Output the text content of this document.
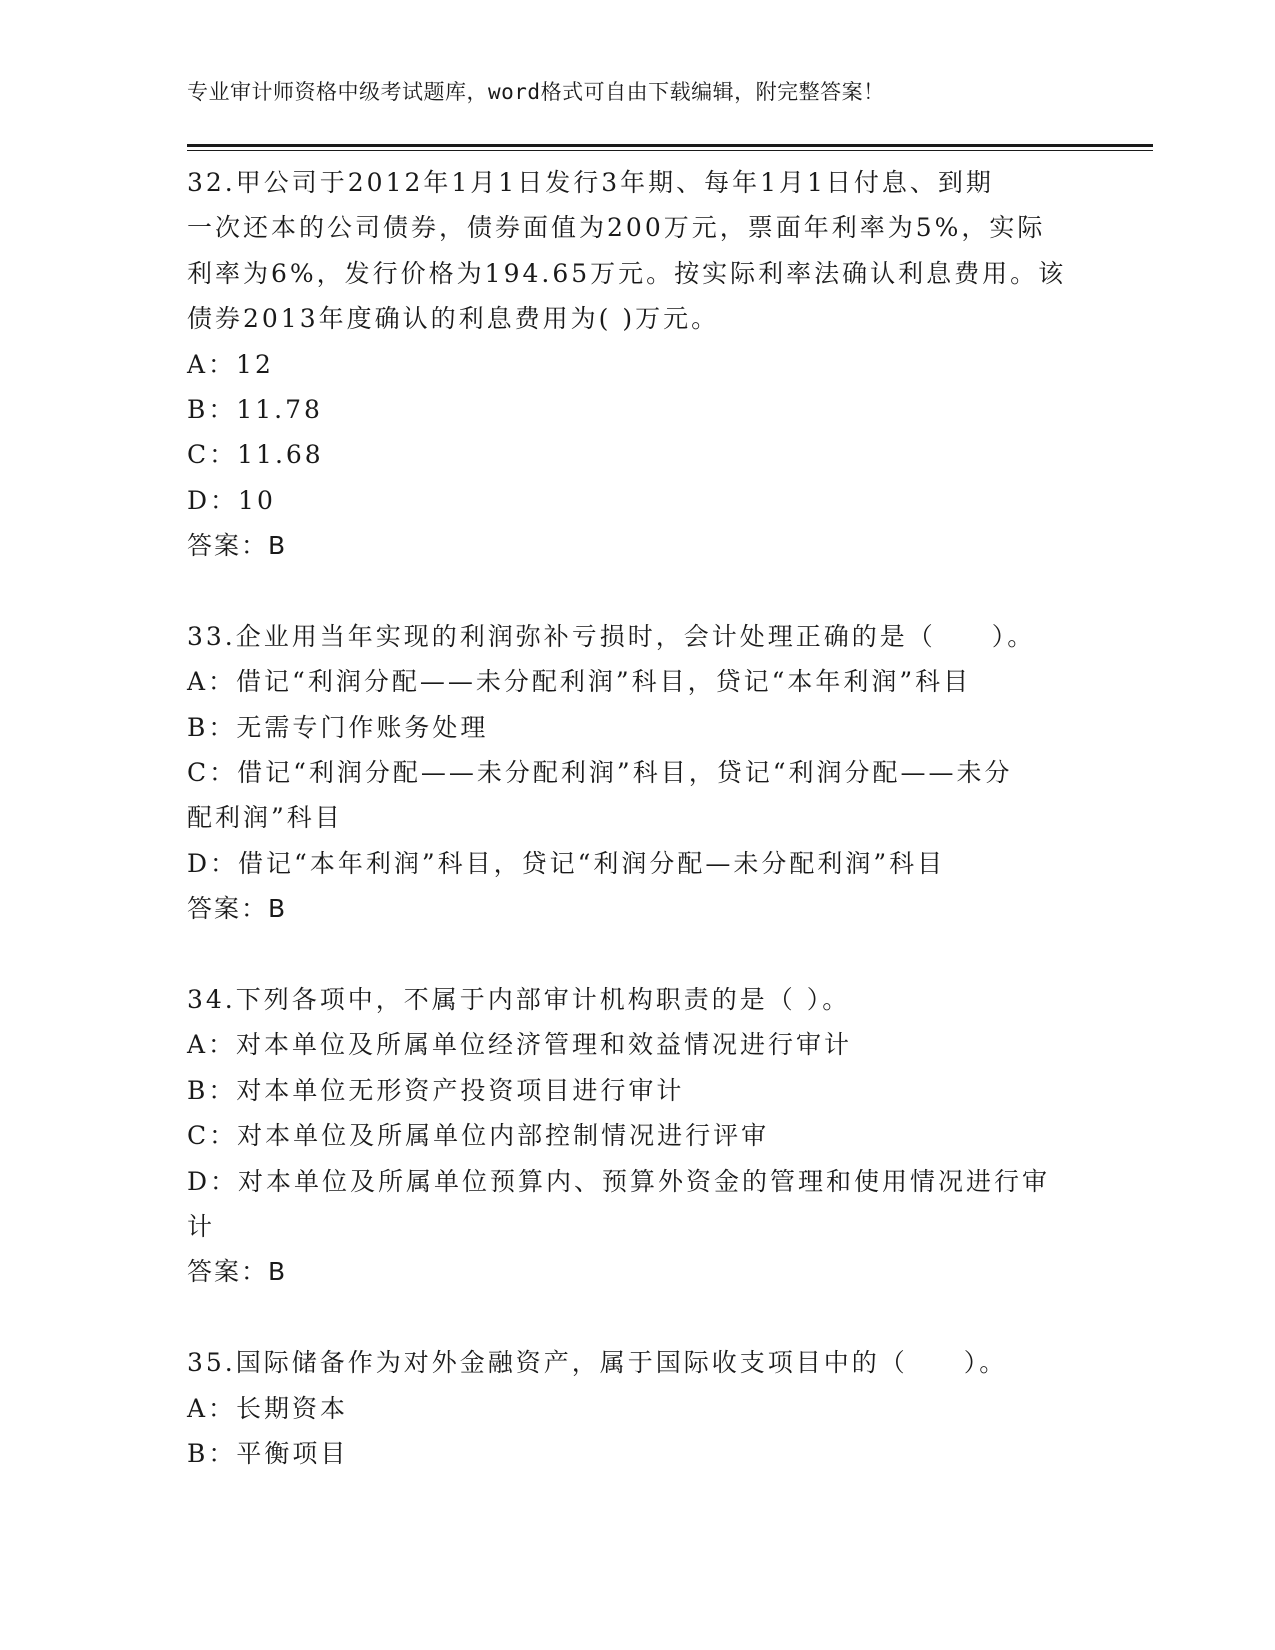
专业审计师资格中级考试题库，word格式可自由下载编辑，附完整答案！
32.甲公司于2012年1月1日发行3年期、每年1月1日付息、到期
一次还本的公司债券，债券面值为200万元，票面年利率为5%，实际
利率为6%，发行价格为194.65万元。按实际利率法确认利息费用。该
债券2013年度确认的利息费用为( )万元。
A：12
B：11.78
C：11.68
D：10
答案：B
33.企业用当年实现的利润弥补亏损时，会计处理正确的是（　　）。
A：借记“利润分配——未分配利润”科目，贷记“本年利润”科目
B：无需专门作账务处理
C：借记“利润分配——未分配利润”科目，贷记“利润分配——未分
配利润”科目
D：借记“本年利润”科目，贷记“利润分配—未分配利润”科目
答案：B
34.下列各项中，不属于内部审计机构职责的是（ ）。
A：对本单位及所属单位经济管理和效益情况进行审计
B：对本单位无形资产投资项目进行审计
C：对本单位及所属单位内部控制情况进行评审
D：对本单位及所属单位预算内、预算外资金的管理和使用情况进行审
计
答案：B
35.国际储备作为对外金融资产，属于国际收支项目中的（　　）。
A：长期资本
B：平衡项目
